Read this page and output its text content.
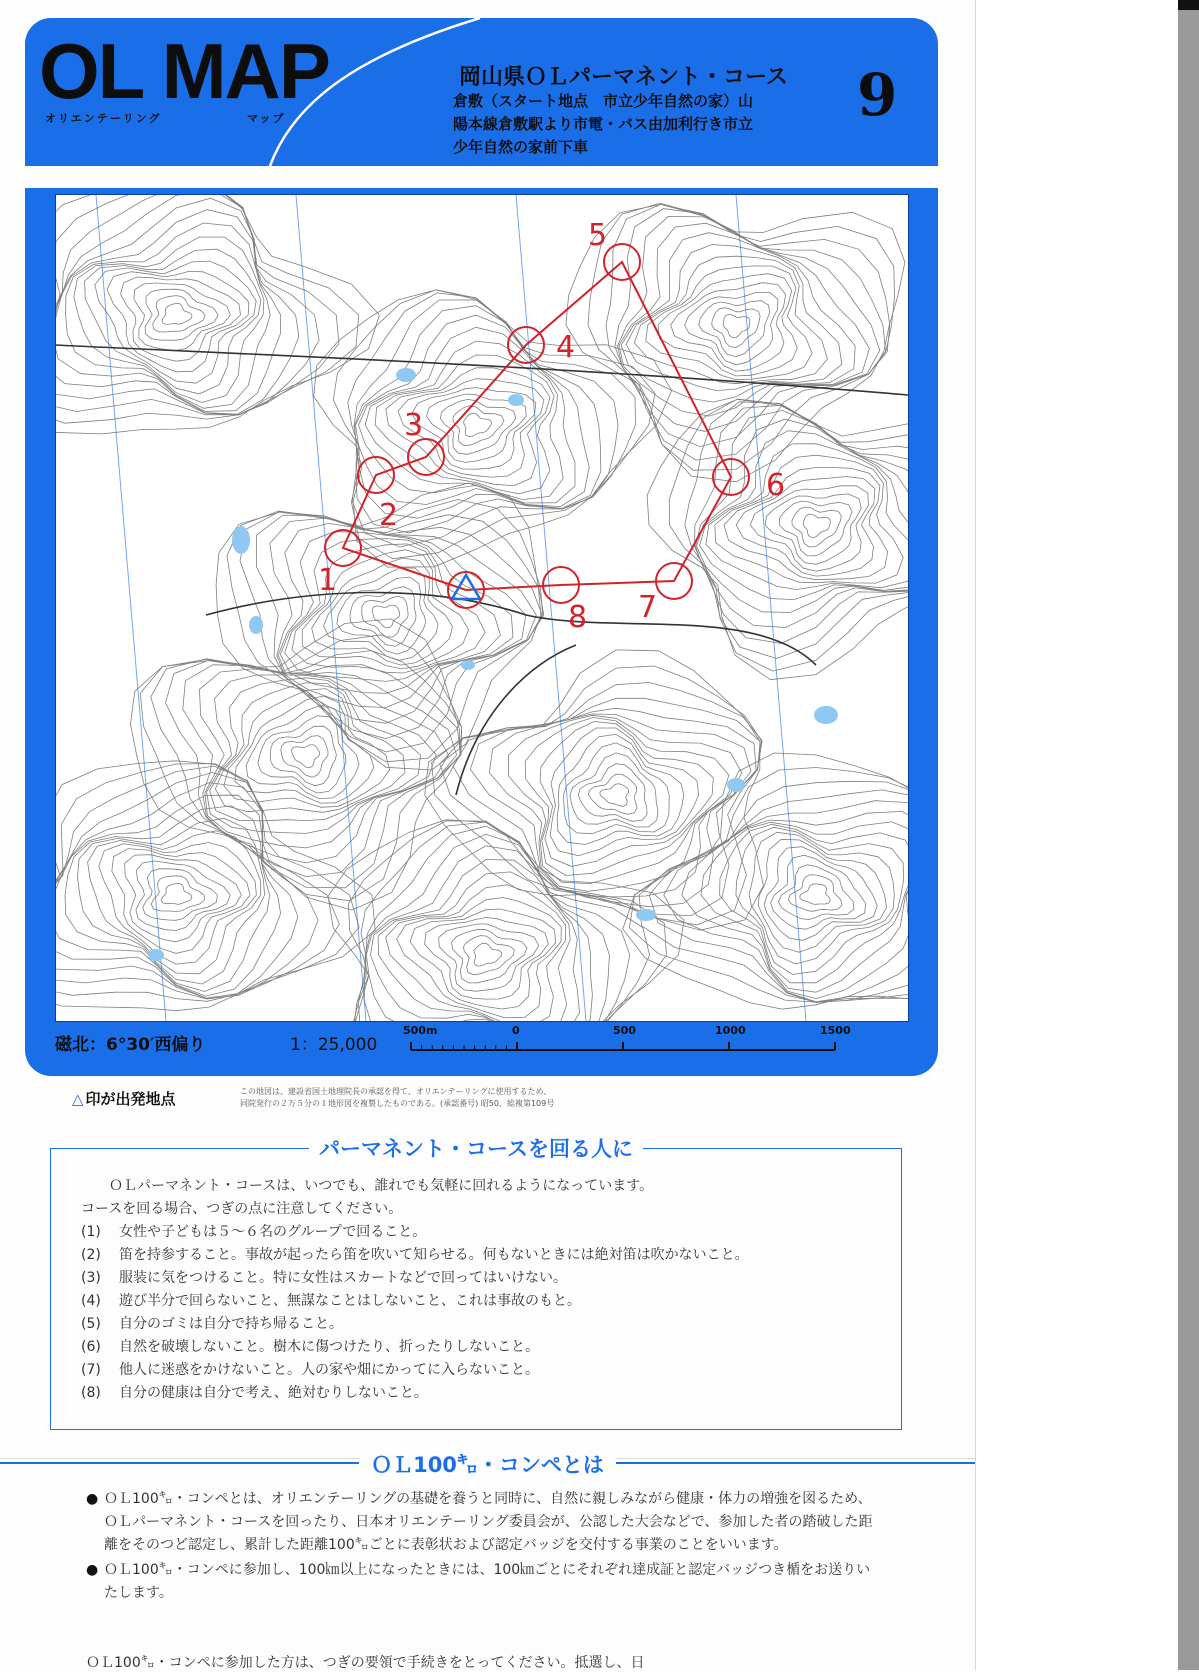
OL MAP
オリエンテーリング	マップ
岡山県ＯＬパーマネント・コース 9
倉敷（スタート地点　市立少年自然の家）山
陽本線倉敷駅より市電・バス由加利行き市立
少年自然の家前下車
1
2
3
4
5
6
7
8
磁北：6°30′西偏り	1：25,000
500m	0	500	1000	1500
△ 印が出発地点	この地図は、建設省国土地理院長の承認を得て、オリエンテーリングに使用するため、
同院発行の２万５分の１地形図を複製したものである。(承認番号) 昭50、総複第109号
パーマネント・コースを回る人に

ＯＬパーマネント・コースは、いつでも、誰れでも気軽に回れるようになっています。

コースを回る場合、つぎの点に注意してください。

(1)	女性や子どもは５～６名のグループで回ること。
(2)	笛を持参すること。事故が起ったら笛を吹いて知らせる。何もないときには絶対笛は吹かないこと。
(3)	服装に気をつけること。特に女性はスカートなどで回ってはいけない。
(4)	遊び半分で回らないこと、無謀なことはしないこと、これは事故のもと。
(5)	自分のゴミは自分で持ち帰ること。
(6)	自然を破壊しないこと。樹木に傷つけたり、折ったりしないこと。
(7)	他人に迷惑をかけないこと。人の家や畑にかってに入らないこと。
(8)	自分の健康は自分で考え、絶対むりしないこと。
ＯＬ100㌔・コンペとは
● ＯＬ100㌔・コンペとは、オリエンテーリングの基礎を養うと同時に、自然に親しみながら健康・体力の増強を図るため、ＯＬパーマネント・コースを回ったり、日本オリエンテーリング委員会が、公認した大会などで、参加した者の踏破した距離をそのつど認定し、累計した距離100㌔ごとに表彰状および認定バッジを交付する事業のことをいいます。
● ＯＬ100㌔・コンペに参加し、100㎞以上になったときには、100㎞ごとにそれぞれ達成証と認定バッジつき楯をお送りいたします。
ＯＬ100㌔・コンペに参加した方は、つぎの要領で手続きをとってください。抵選し、日
